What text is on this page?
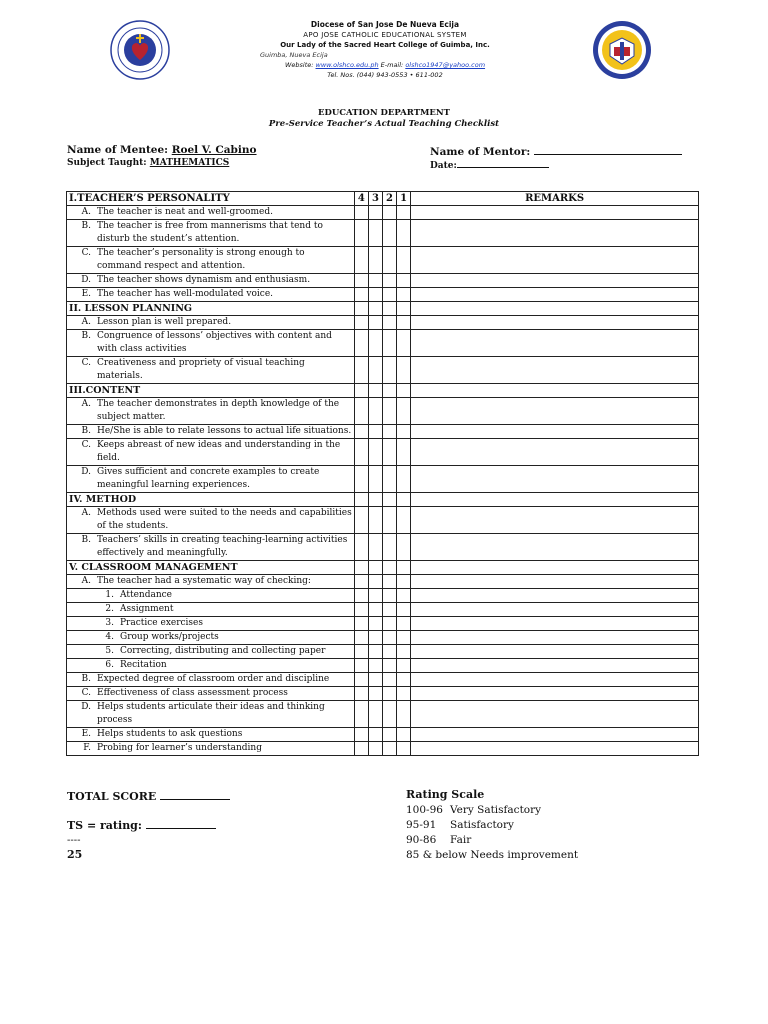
Diocese of San Jose De Nueva Ecija
APO JOSE CATHOLIC EDUCATIONAL SYSTEM
Our Lady of the Sacred Heart College of Guimba, Inc.
Guimba, Nueva Ecija
Website: www.olshco.edu.ph E-mail: olshco1947@yahoo.com
Tel. Nos. (044) 943-0553 • 611-002
EDUCATION DEPARTMENT
Pre-Service Teacher’s Actual Teaching Checklist
Name of Mentee: Roel V. Cabino
Subject Taught: MATHEMATICS
Name of Mentor:
Date:
I.TEACHER’S PERSONALITY	4	3	2	1	REMARKS

A. The teacher is neat and well-groomed.					

B. The teacher is free from mannerisms that tend to disturb the student’s attention.					

C. The teacher’s personality is strong enough to command respect and attention.					

D. The teacher shows dynamism and enthusiasm.					

E. The teacher has well-modulated voice.					

II. LESSON PLANNING					

A. Lesson plan is well prepared.					

B. Congruence of lessons’ objectives with content and with class activities					

C. Creativeness and propriety of visual teaching materials.					

III.CONTENT					

A. The teacher demonstrates in depth knowledge of the subject matter.					

B. He/She is able to relate lessons to actual life situations.					

C. Keeps abreast of new ideas and understanding in the field.					

D. Gives sufficient and concrete examples to create meaningful learning experiences.					

IV. METHOD					

A. Methods used were suited to the needs and capabilities of the students.					

B. Teachers’ skills in creating teaching-learning activities effectively and meaningfully.					

V. CLASSROOM MANAGEMENT					

A. The teacher had a systematic way of checking:					

1. Attendance					

2. Assignment					

3. Practice exercises					

4. Group works/projects					

5. Correcting, distributing and collecting paper					

6. Recitation					

B. Expected degree of classroom order and discipline					

C. Effectiveness of class assessment process					

D. Helps students articulate their ideas and thinking process					

E. Helps students to ask questions					

F. Probing for learner’s understanding					

TOTAL SCORE
TS = rating:
----
25
Rating Scale
100-96 Very Satisfactory
95-91 Satisfactory
90-86 Fair
85 & below Needs improvement
